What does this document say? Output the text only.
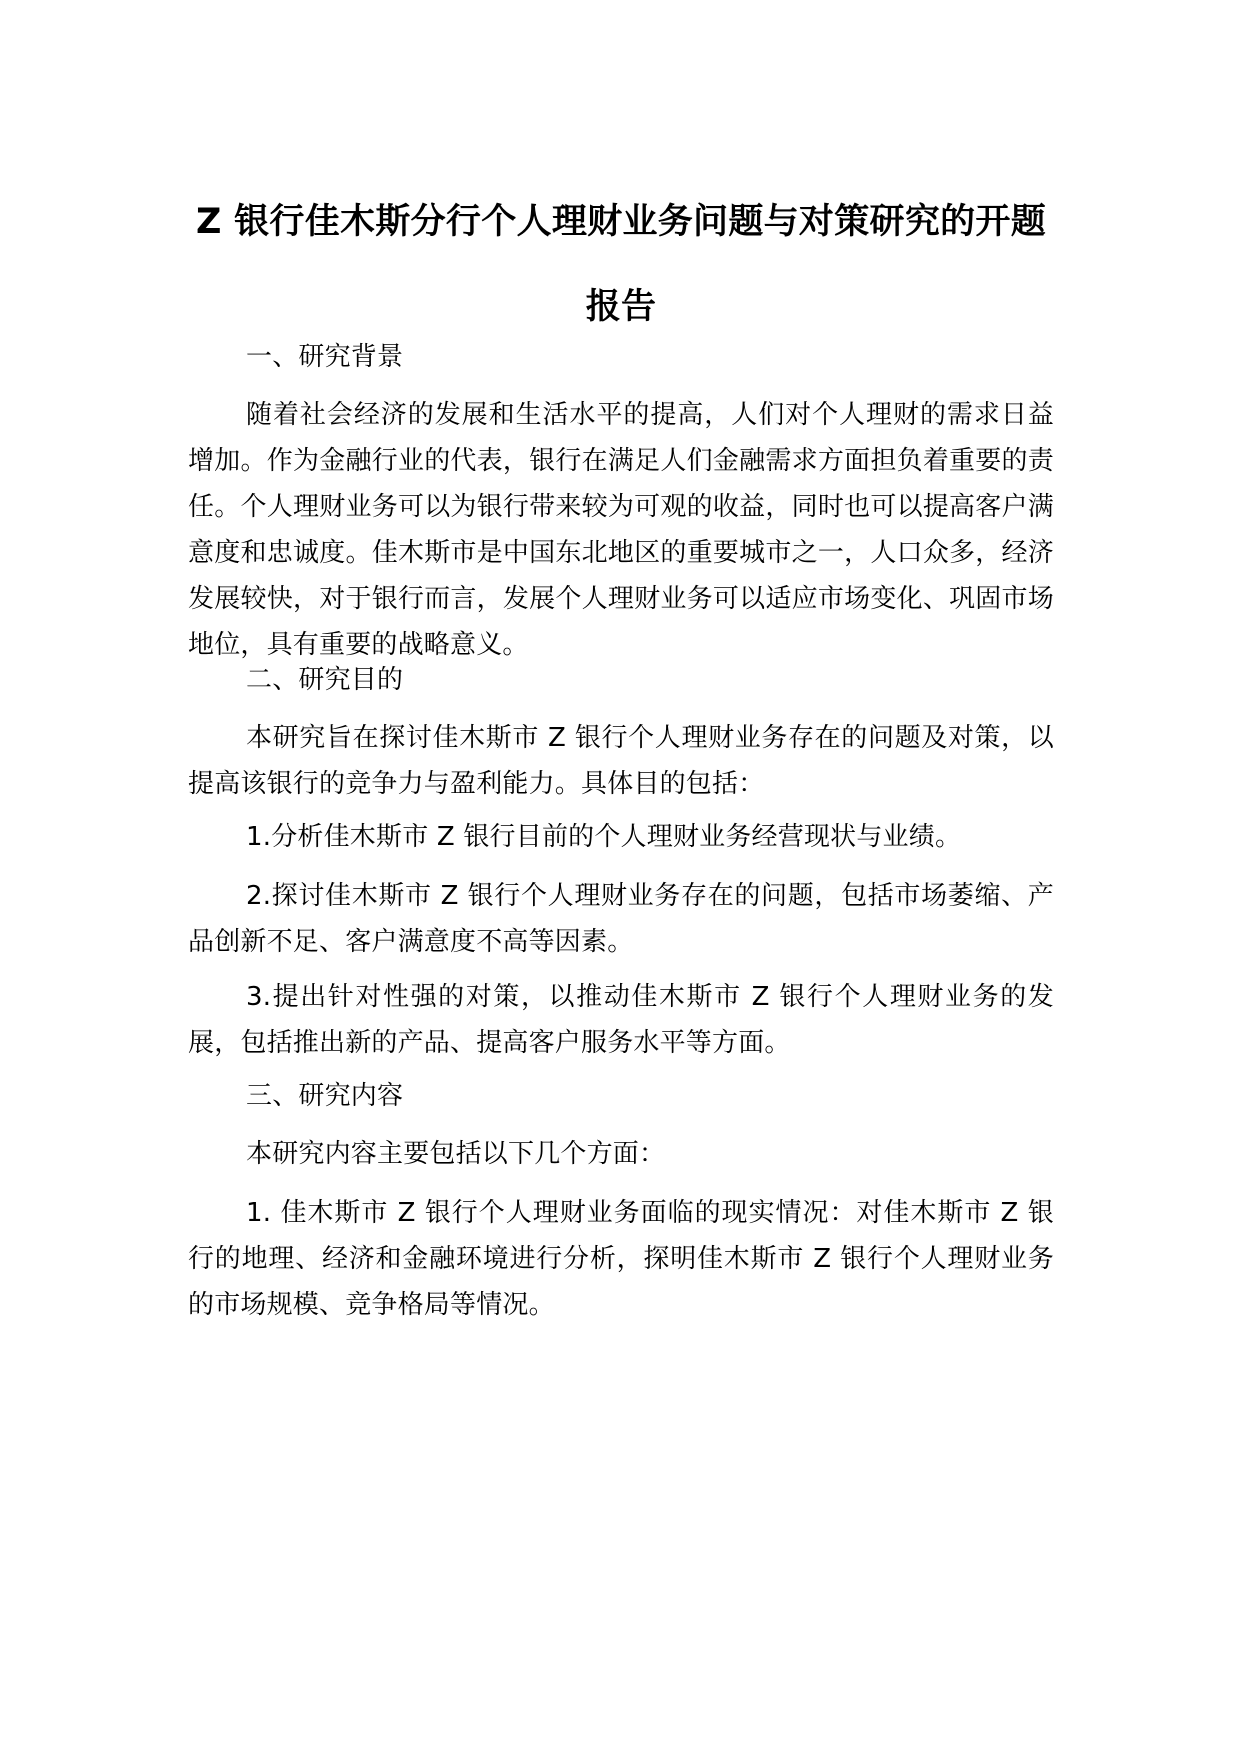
Z 银行佳木斯分行个人理财业务问题与对策研究的开题报告

一、研究背景

随着社会经济的发展和生活水平的提高，人们对个人理财的需求日益增加。作为金融行业的代表，银行在满足人们金融需求方面担负着重要的责任。个人理财业务可以为银行带来较为可观的收益，同时也可以提高客户满意度和忠诚度。佳木斯市是中国东北地区的重要城市之一，人口众多，经济发展较快，对于银行而言，发展个人理财业务可以适应市场变化、巩固市场地位，具有重要的战略意义。

二、研究目的

本研究旨在探讨佳木斯市 Z 银行个人理财业务存在的问题及对策，以提高该银行的竞争力与盈利能力。具体目的包括：

1.分析佳木斯市 Z 银行目前的个人理财业务经营现状与业绩。

2.探讨佳木斯市 Z 银行个人理财业务存在的问题，包括市场萎缩、产品创新不足、客户满意度不高等因素。

3.提出针对性强的对策，以推动佳木斯市 Z 银行个人理财业务的发展，包括推出新的产品、提高客户服务水平等方面。

三、研究内容

本研究内容主要包括以下几个方面：

1. 佳木斯市 Z 银行个人理财业务面临的现实情况：对佳木斯市 Z 银行的地理、经济和金融环境进行分析，探明佳木斯市 Z 银行个人理财业务的市场规模、竞争格局等情况。
